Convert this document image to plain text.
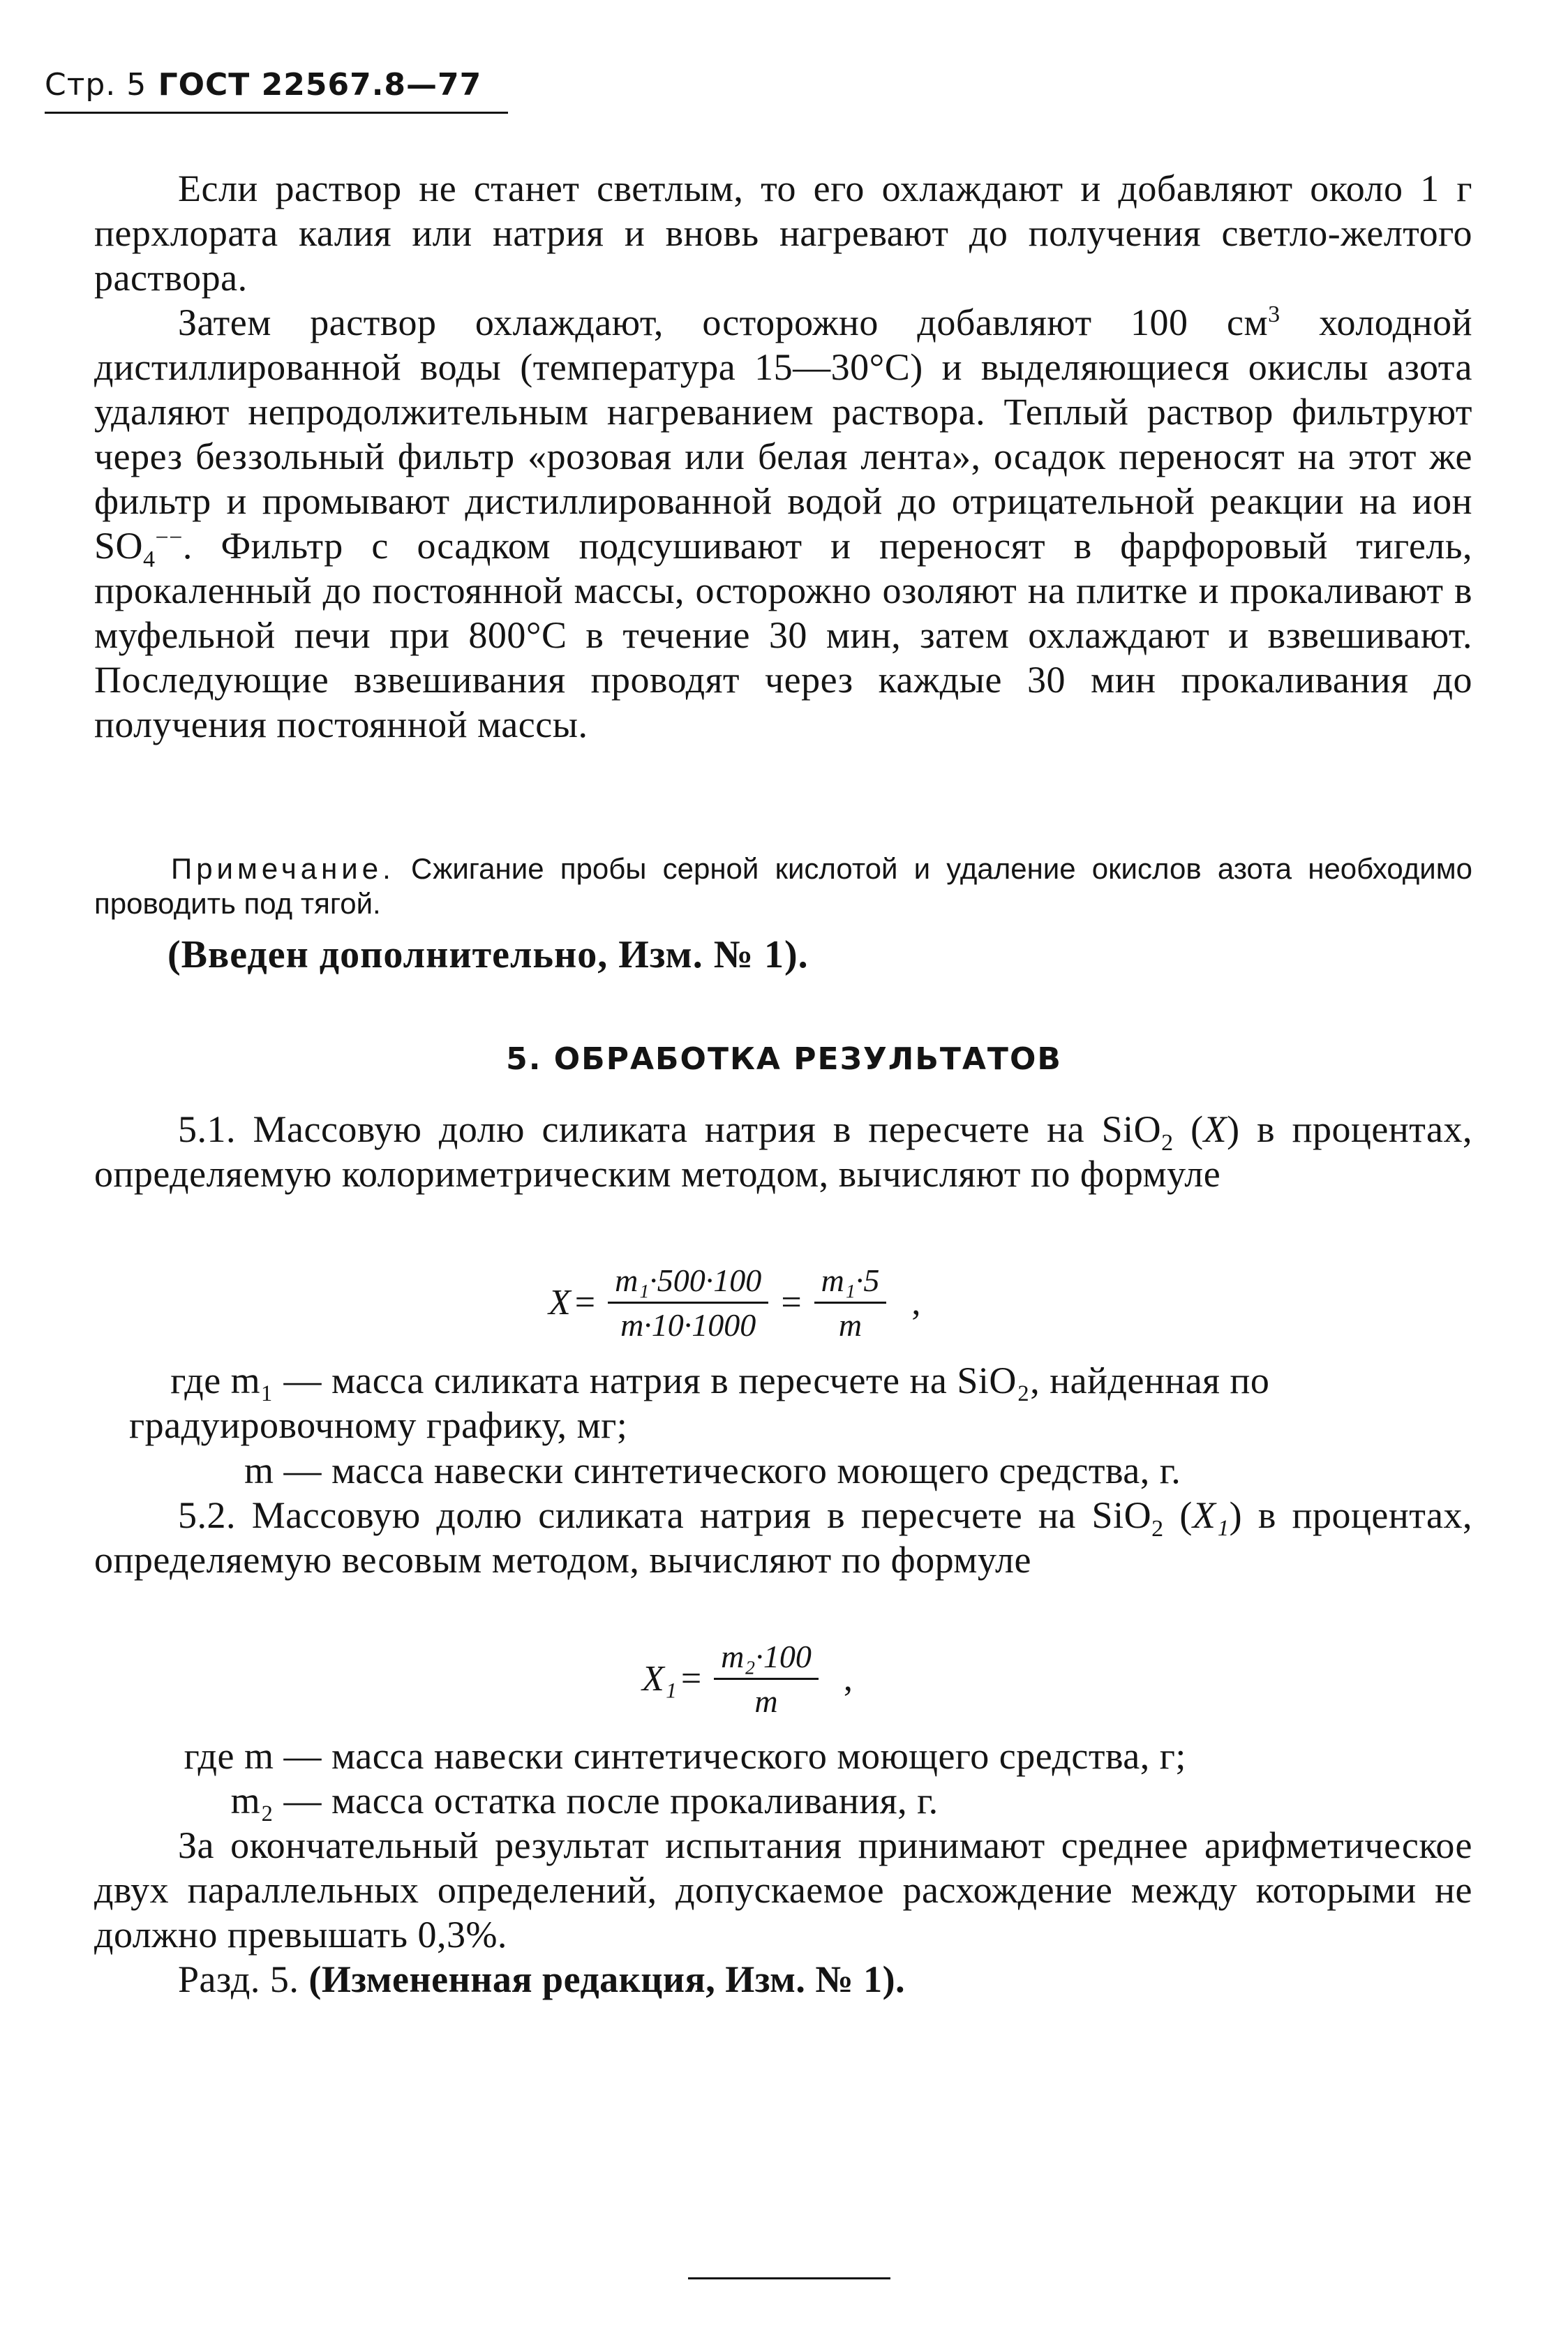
Стр. 5 ГОСТ 22567.8—77

Если раствор не станет светлым, то его охлаждают и добавляют около 1 г перхлората калия или натрия и вновь нагревают до получения светло-желтого раствора.

Затем раствор охлаждают, осторожно добавляют 100 $см^3$ холодной дистиллированной воды (температура 15—30°C) и выделяющиеся окислы азота удаляют непродолжительным нагреванием раствора. Теплый раствор фильтруют через беззольный фильтр «розовая или белая лента», осадок переносят на этот же фильтр и промывают дистиллированной водой до отрицательной реакции на ион $SO_4^{--}$. Фильтр с осадком подсушивают и переносят в фарфоровый тигель, прокаленный до постоянной массы, осторожно озоляют на плитке и прокаливают в муфельной печи при 800°C в течение 30 мин, затем охлаждают и взвешивают. Последующие взвешивания проводят через каждые 30 мин прокаливания до получения постоянной массы.

Примечание. Сжигание пробы серной кислотой и удаление окислов азота необходимо проводить под тягой.
(Введен дополнительно, Изм. № 1).
5. ОБРАБОТКА РЕЗУЛЬТАТОВ

5.1. Массовую долю силиката натрия в пересчете на SiO$_2$ (X) в процентах, определяемую колориметрическим методом, вычисляют по формуле

$X = \frac{\text{m₁·500·100}}{m\cdot 10\cdot 1000} = \frac{\text{m₁·5}}{m}$ ,
где m₁ — масса силиката натрия в пересчете на SiO₂, найденная по градуировочному графику, мг;
m — масса навески синтетического моющего средства, г.

5.2. Массовую долю силиката натрия в пересчете на SiO$_2$ (X₁) в процентах, определяемую весовым методом, вычисляют по формуле

$X_1 = \frac{\text{m₂·100}}{m}$ ,
где m — масса навески синтетического моющего средства, г;
m₂ — масса остатка после прокаливания, г.

За окончательный результат испытания принимают среднее арифметическое двух параллельных определений, допускаемое расхождение между которыми не должно превышать 0,3%.

Разд. 5. (Измененная редакция, Изм. № 1).
